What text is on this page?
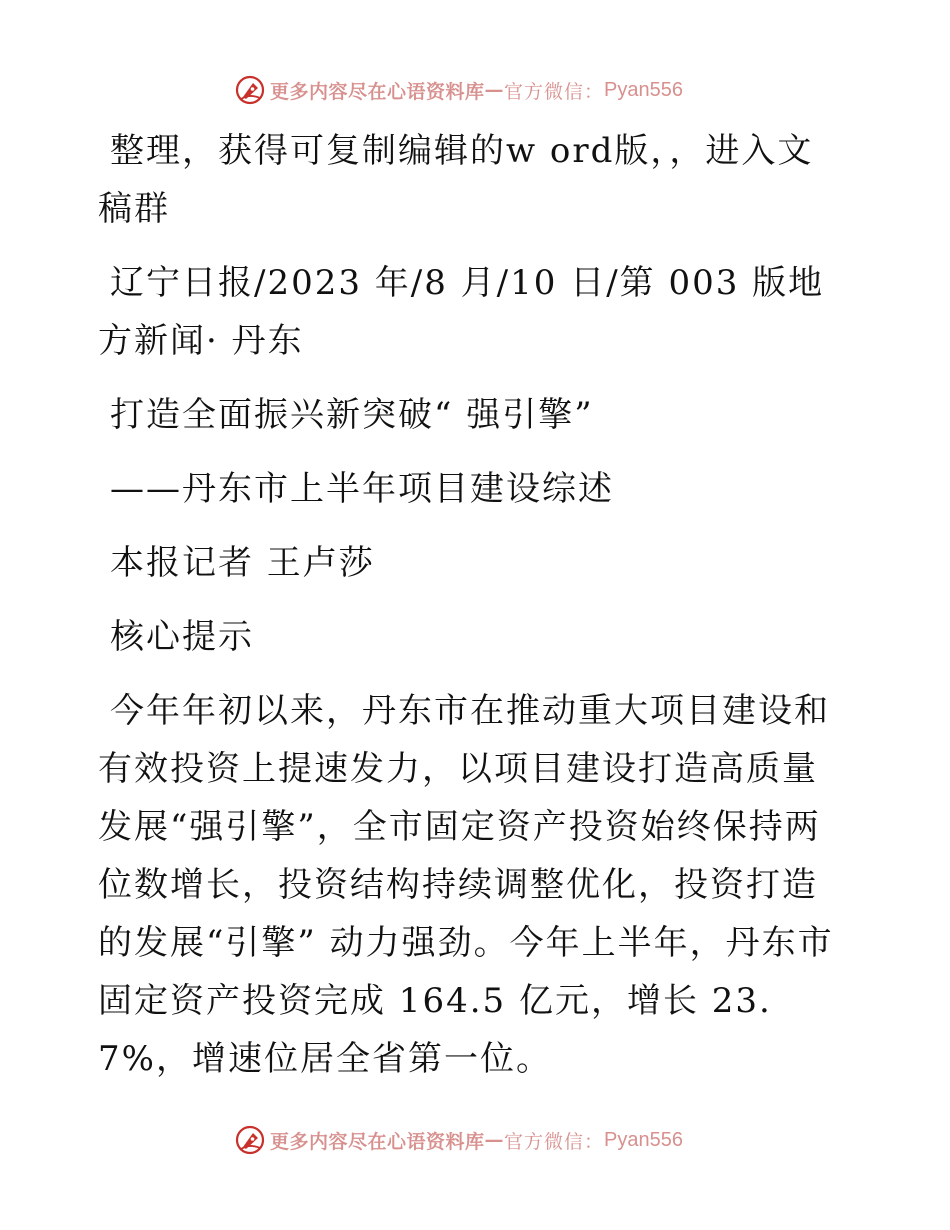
更多内容尽在心语资料库 — 官方微信： Pyan556

整理，获得可复制编辑的w ord版，，进入文稿群

辽宁日报/2023 年/8 月/10 日/第 003 版地方新闻· 丹东

打造全面振兴新突破“ 强引擎”

——丹东市上半年项目建设综述

本报记者 王卢莎

核心提示

今年年初以来，丹东市在推动重大项目建设和有效投资上提速发力，以项目建设打造高质量发展“强引擎”，全市固定资产投资始终保持两位数增长，投资结构持续调整优化，投资打造的发展“引擎” 动力强劲。今年上半年，丹东市固定资产投资完成 164.5 亿元，增长 23.7%，增速位居全省第一位。

更多内容尽在心语资料库 — 官方微信： Pyan556
